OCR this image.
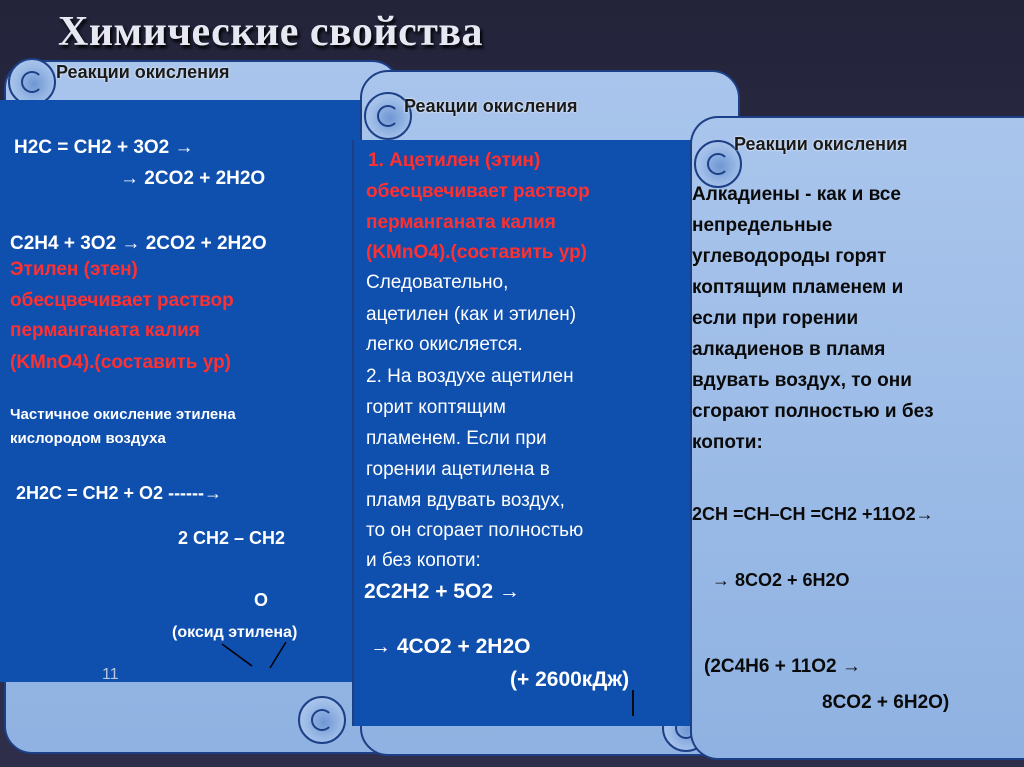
Реакции окисления
H2C = CH2 + 3O2 →
→ 2CO2 + 2H2O
C2H4 + 3O2 → 2CO2 + 2H2O
Этилен (этен)
обесцвечивает раствор
перманганата калия
(KMnO4).(составить ур)
Частичное окисление этилена
кислородом воздуха
2H2C = CH2 + O2 ------→
2 CH2 – CH2
O
(оксид этилена)
11
Реакции окисления
1. Ацетилен (этин)
обесцвечивает раствор
перманганата калия
(KMnO4).(составить ур)
Следовательно,
ацетилен (как и этилен)
легко окисляется.
2. На воздухе ацетилен
горит коптящим
пламенем. Если при
горении ацетилена в
пламя вдувать воздух,
то он сгорает полностью
и без копоти:
2C2H2 + 5O2 →
→ 4CO2 + 2H2O
(+ 2600кДж)
Реакции окисления
Алкадиены - как и все
непредельные
углеводороды горят
коптящим пламенем и
если при горении
алкадиенов в пламя
вдувать воздух, то они
сгорают полностью и без
копоти:
2CH =CH–CH =CH2 +11O2→
→ 8CO2 + 6H2O
(2C4H6 + 11O2 →
8CO2 + 6H2O)
Химические свойства
